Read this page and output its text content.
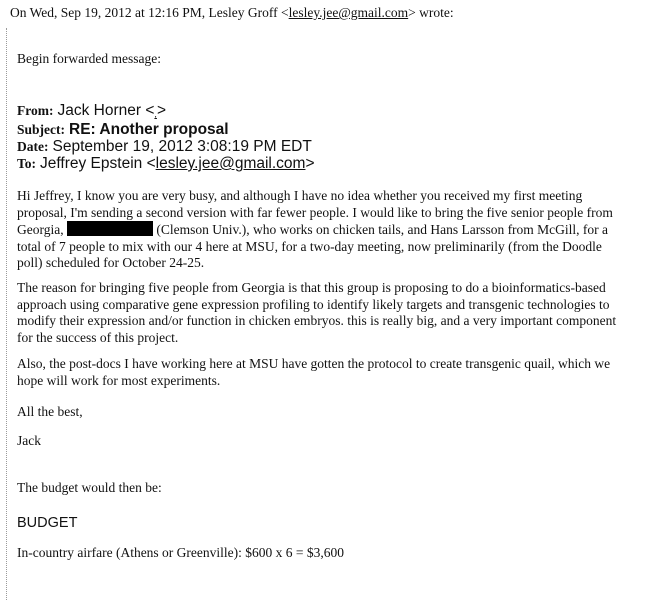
On Wed, Sep 19, 2012 at 12:16 PM, Lesley Groff <lesley.jee@gmail.com> wrote:
Begin forwarded message:
From: Jack Horner <,>
Subject: RE: Another proposal
Date: September 19, 2012 3:08:19 PM EDT
To: Jeffrey Epstein <lesley.jee@gmail.com>
Hi Jeffrey, I know you are very busy, and although I have no idea whether you received my first meeting proposal, I'm sending a second version with far fewer people. I would like to bring the five senior people from Georgia,	(Clemson Univ.), who works on chicken tails, and Hans Larsson from McGill, for a total of 7 people to mix with our 4 here at MSU, for a two-day meeting, now preliminarily (from the Doodle poll) scheduled for October 24-25.
The reason for bringing five people from Georgia is that this group is proposing to do a bioinformatics-based approach using comparative gene expression profiling to identify likely targets and transgenic technologies to modify their expression and/or function in chicken embryos. this is really big, and a very important component for the success of this project.
Also, the post-docs I have working here at MSU have gotten the protocol to create transgenic quail, which we hope will work for most experiments.
All the best,
Jack
The budget would then be:
BUDGET
In-country airfare (Athens or Greenville): $600 x 6 = $3,600
